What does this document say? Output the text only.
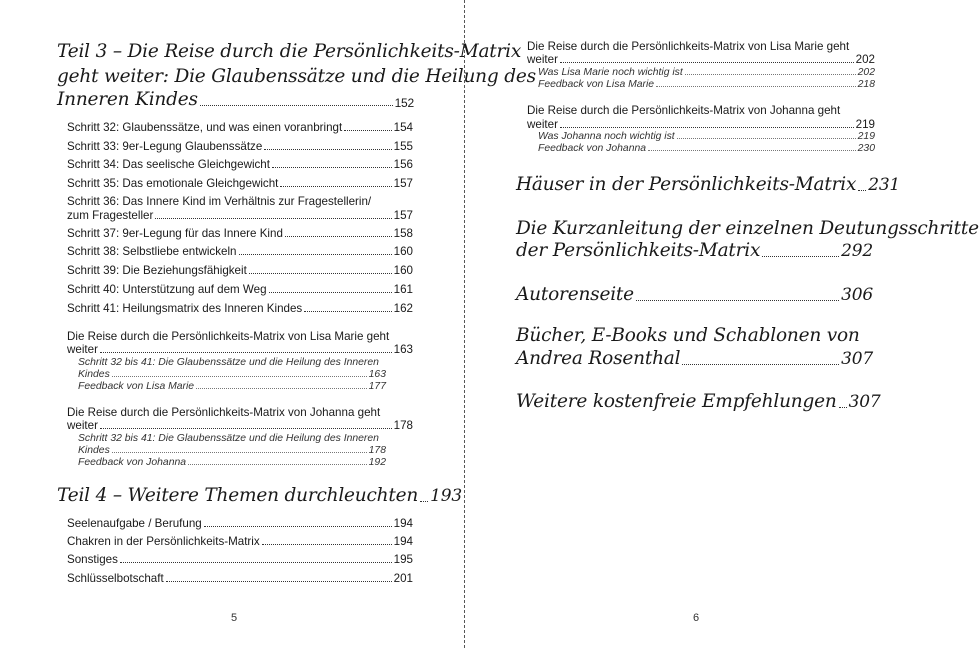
Teil 3 – Die Reise durch die Persönlichkeits-Matrix
geht weiter: Die Glaubenssätze und die Heilung des
Inneren Kindes	152
Schritt 32: Glaubenssätze, und was einen voranbringt	154
Schritt 33: 9er-Legung Glaubenssätze	155
Schritt 34: Das seelische Gleichgewicht	156
Schritt 35: Das emotionale Gleichgewicht	157
Schritt 36: Das Innere Kind im Verhältnis zur Fragestellerin/
zum Fragesteller	157
Schritt 37: 9er-Legung für das Innere Kind	158
Schritt 38: Selbstliebe entwickeln	160
Schritt 39: Die Beziehungsfähigkeit	160
Schritt 40: Unterstützung auf dem Weg	161
Schritt 41: Heilungsmatrix des Inneren Kindes	162
Die Reise durch die Persönlichkeits-Matrix von Lisa Marie geht
weiter	163
Schritt 32 bis 41: Die Glaubenssätze und die Heilung des Inneren
Kindes	163
Feedback von Lisa Marie	177
Die Reise durch die Persönlichkeits-Matrix von Johanna geht
weiter	178
Schritt 32 bis 41: Die Glaubenssätze und die Heilung des Inneren
Kindes	178
Feedback von Johanna	192
Teil 4 – Weitere Themen durchleuchten 193
Seelenaufgabe / Berufung	194
Chakren in der Persönlichkeits-Matrix	194
Sonstiges	195
Schlüsselbotschaft	201
5
Die Reise durch die Persönlichkeits-Matrix von Lisa Marie geht
weiter	202
Was Lisa Marie noch wichtig ist	202
Feedback von Lisa Marie	218
Die Reise durch die Persönlichkeits-Matrix von Johanna geht
weiter	219
Was Johanna noch wichtig ist	219
Feedback von Johanna	230
Häuser in der Persönlichkeits-Matrix 231
Die Kurzanleitung der einzelnen Deutungsschritte
der Persönlichkeits-Matrix	292
Autorenseite	306
Bücher, E-Books und Schablonen von
Andrea Rosenthal	307
Weitere kostenfreie Empfehlungen 307
6
